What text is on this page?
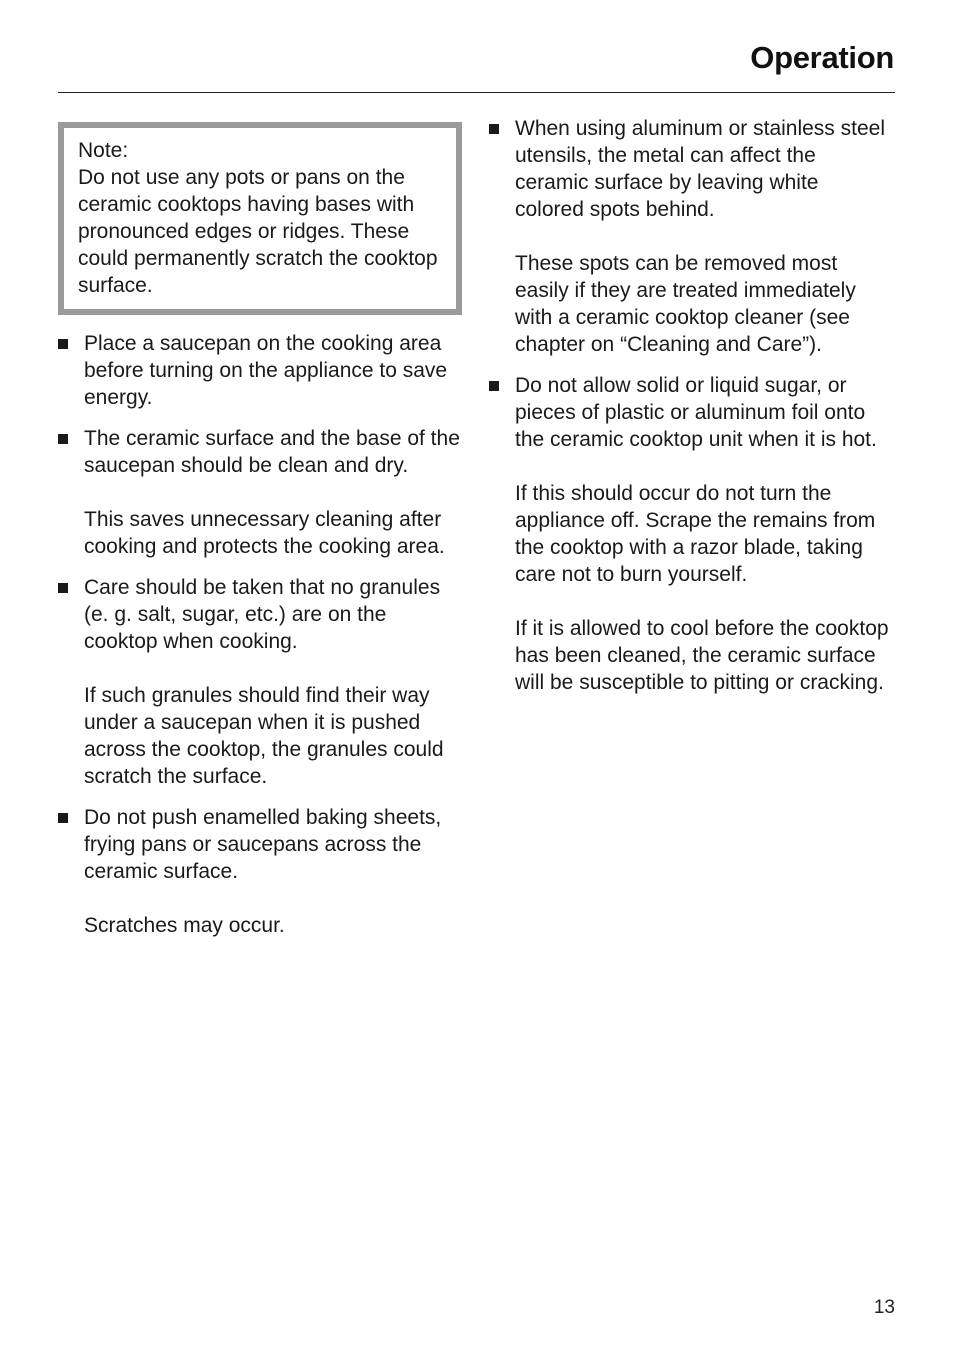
Operation

Note:

Do not use any pots or pans on the ceramic cooktops having bases with pronounced edges or ridges. These could permanently scratch the cooktop surface.

Place a saucepan on the cooking area before turning on the appliance to save energy.

The ceramic surface and the base of the saucepan should be clean and dry.

This saves unnecessary cleaning after cooking and protects the cooking area.

Care should be taken that no granules (e. g. salt, sugar, etc.) are on the cooktop when cooking.

If such granules should find their way under a saucepan when it is pushed across the cooktop, the granules could scratch the surface.

Do not push enamelled baking sheets, frying pans or saucepans across the ceramic surface.

Scratches may occur.

When using aluminum or stainless steel utensils, the metal can affect the ceramic surface by leaving white colored spots behind.

These spots can be removed most easily if they are treated immediately with a ceramic cooktop cleaner (see chapter on “Cleaning and Care”).

Do not allow solid or liquid sugar, or pieces of plastic or aluminum foil onto the ceramic cooktop unit when it is hot.

If this should occur do not turn the appliance off. Scrape the remains from the cooktop with a razor blade, taking care not to burn yourself.

If it is allowed to cool before the cooktop has been cleaned, the ceramic surface will be susceptible to pitting or cracking.

13
